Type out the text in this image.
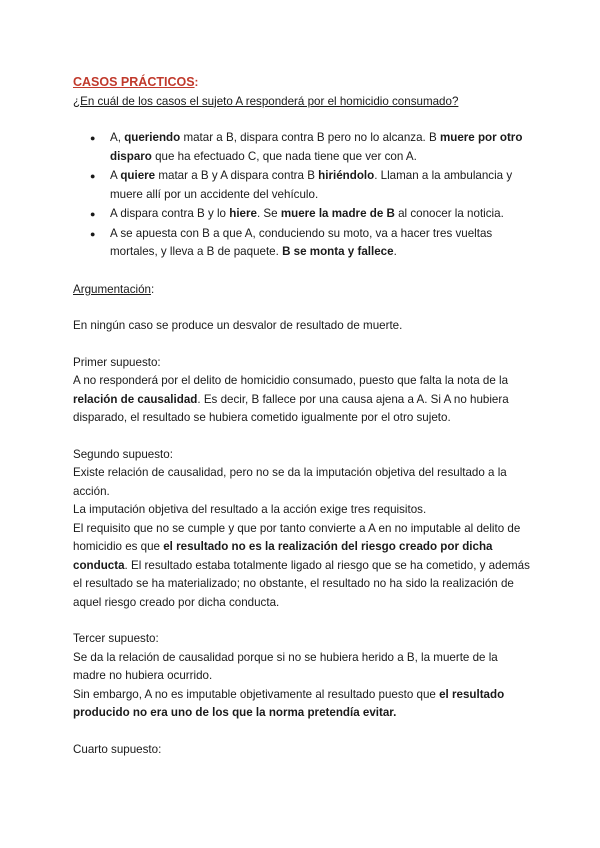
CASOS PRÁCTICOS:

¿En cuál de los casos el sujeto A responderá por el homicidio consumado?

● A, queriendo matar a B, dispara contra B pero no lo alcanza. B muere por otro disparo que ha efectuado C, que nada tiene que ver con A.
● A quiere matar a B y A dispara contra B hiriéndolo. Llaman a la ambulancia y muere allí por un accidente del vehículo.
● A dispara contra B y lo hiere. Se muere la madre de B al conocer la noticia.
● A se apuesta con B a que A, conduciendo su moto, va a hacer tres vueltas mortales, y lleva a B de paquete. B se monta y fallece.

Argumentación:

En ningún caso se produce un desvalor de resultado de muerte.

Primer supuesto:

A no responderá por el delito de homicidio consumado, puesto que falta la nota de la relación de causalidad. Es decir, B fallece por una causa ajena a A. Si A no hubiera disparado, el resultado se hubiera cometido igualmente por el otro sujeto.

Segundo supuesto:

Existe relación de causalidad, pero no se da la imputación objetiva del resultado a la acción.

La imputación objetiva del resultado a la acción exige tres requisitos.

El requisito que no se cumple y que por tanto convierte a A en no imputable al delito de homicidio es que el resultado no es la realización del riesgo creado por dicha conducta. El resultado estaba totalmente ligado al riesgo que se ha cometido, y además el resultado se ha materializado; no obstante, el resultado no ha sido la realización de aquel riesgo creado por dicha conducta.

Tercer supuesto:

Se da la relación de causalidad porque si no se hubiera herido a B, la muerte de la madre no hubiera ocurrido.

Sin embargo, A no es imputable objetivamente al resultado puesto que el resultado producido no era uno de los que la norma pretendía evitar.

Cuarto supuesto:
